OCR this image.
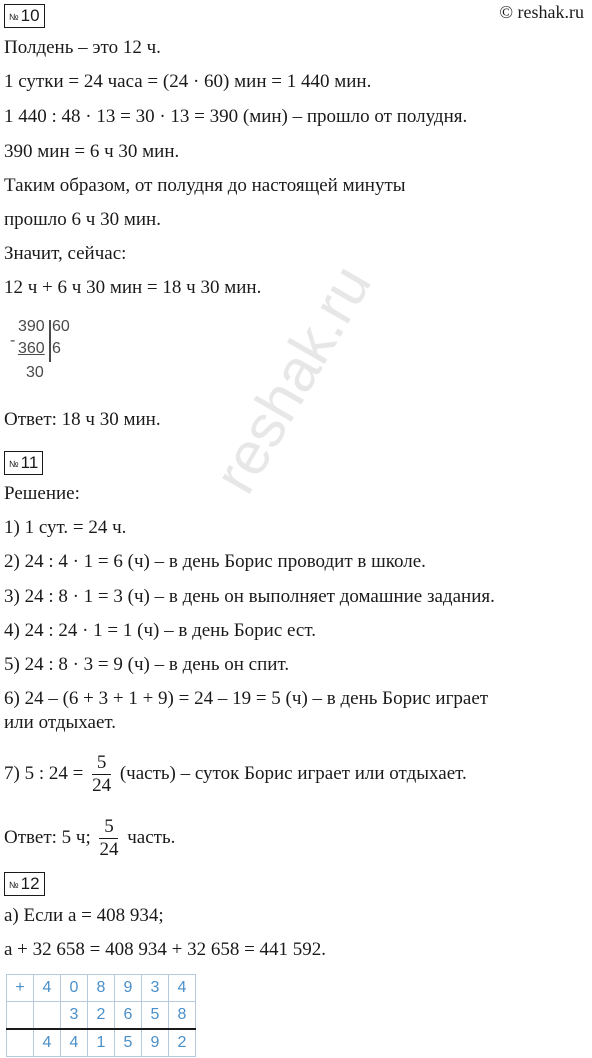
© reshak.ru
reshak.ru
№ 10
Полдень – это 12 ч.
1 сутки = 24 часа = (24 · 60) мин = 1 440 мин.
1 440 : 48 · 13 = 30 · 13 = 390 (мин) – прошло от полудня.
390 мин = 6 ч 30 мин.
Таким образом, от полудня до настоящей минуты
прошло 6 ч 30 мин.
Значит, сейчас:
12 ч + 6 ч 30 мин = 18 ч 30 мин.
390 60
- 360 6
30
Ответ: 18 ч 30 мин.
№ 11
Решение:
1) 1 сут. = 24 ч.
2) 24 : 4 · 1 = 6 (ч) – в день Борис проводит в школе.
3) 24 : 8 · 1 = 3 (ч) – в день он выполняет домашние задания.
4) 24 : 24 · 1 = 1 (ч) – в день Борис ест.
5) 24 : 8 · 3 = 9 (ч) – в день он спит.
6) 24 – (6 + 3 + 1 + 9) = 24 – 19 = 5 (ч) – в день Борис играет
или отдыхает.
7) 5 : $24 = \frac{5}{24}$ (часть) – суток Борис играет или отдыхает.
Ответ: 5 ч; $\frac{5}{24}$ часть.
№ 12
а) Если a = 408 934;
a + 32 658 = 408 934 + 32 658 = 441 592.
+	4	0	8	9	3	4
		3	2	6	5	8
	4	4	1	5	9	2
